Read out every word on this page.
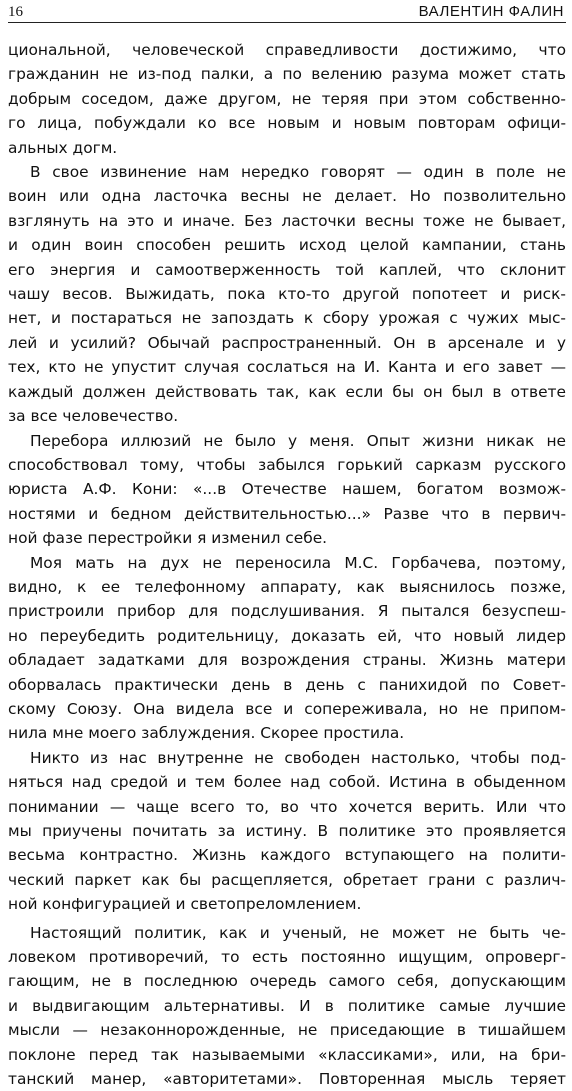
16	ВАЛЕНТИН ФАЛИН

циональной, человеческой справедливости достижимо, что
гражданин не из-под палки, а по велению разума может стать
добрым соседом, даже другом, не теряя при этом собственно-
го лица, побуждали ко все новым и новым повторам офици-
альных догм.

В свое извинение нам нередко говорят — один в поле не
воин или одна ласточка весны не делает. Но позволительно
взглянуть на это и иначе. Без ласточки весны тоже не бывает,
и один воин способен решить исход целой кампании, стань
его энергия и самоотверженность той каплей, что склонит
чашу весов. Выжидать, пока кто-то другой попотеет и риск-
нет, и постараться не запоздать к сбору урожая с чужих мыс-
лей и усилий? Обычай распространенный. Он в арсенале и у
тех, кто не упустит случая сослаться на И. Канта и его завет —
каждый должен действовать так, как если бы он был в ответе
за все человечество.

Перебора иллюзий не было у меня. Опыт жизни никак не
способствовал тому, чтобы забылся горький сарказм русского
юриста А.Ф. Кони: «...в Отечестве нашем, богатом возмож-
ностями и бедном действительностью...» Разве что в первич-
ной фазе перестройки я изменил себе.

Моя мать на дух не переносила М.С. Горбачева, поэтому,
видно, к ее телефонному аппарату, как выяснилось позже,
пристроили прибор для подслушивания. Я пытался безуспеш-
но переубедить родительницу, доказать ей, что новый лидер
обладает задатками для возрождения страны. Жизнь матери
оборвалась практически день в день с панихидой по Совет-
скому Союзу. Она видела все и сопереживала, но не припом-
нила мне моего заблуждения. Скорее простила.

Никто из нас внутренне не свободен настолько, чтобы под-
няться над средой и тем более над собой. Истина в обыденном
понимании — чаще всего то, во что хочется верить. Или что
мы приучены почитать за истину. В политике это проявляется
весьма контрастно. Жизнь каждого вступающего на полити-
ческий паркет как бы расщепляется, обретает грани с различ-
ной конфигурацией и светопреломлением.

Настоящий политик, как и ученый, не может не быть че-
ловеком противоречий, то есть постоянно ищущим, опроверг-
гающим, не в последнюю очередь самого себя, допускающим
и выдвигающим альтернативы. И в политике самые лучшие
мысли — незаконнорожденные, не приседающие в тишайшем
поклоне перед так называемыми «классиками», или, на бри-
танский манер, «авторитетами». Повторенная мысль теряет
